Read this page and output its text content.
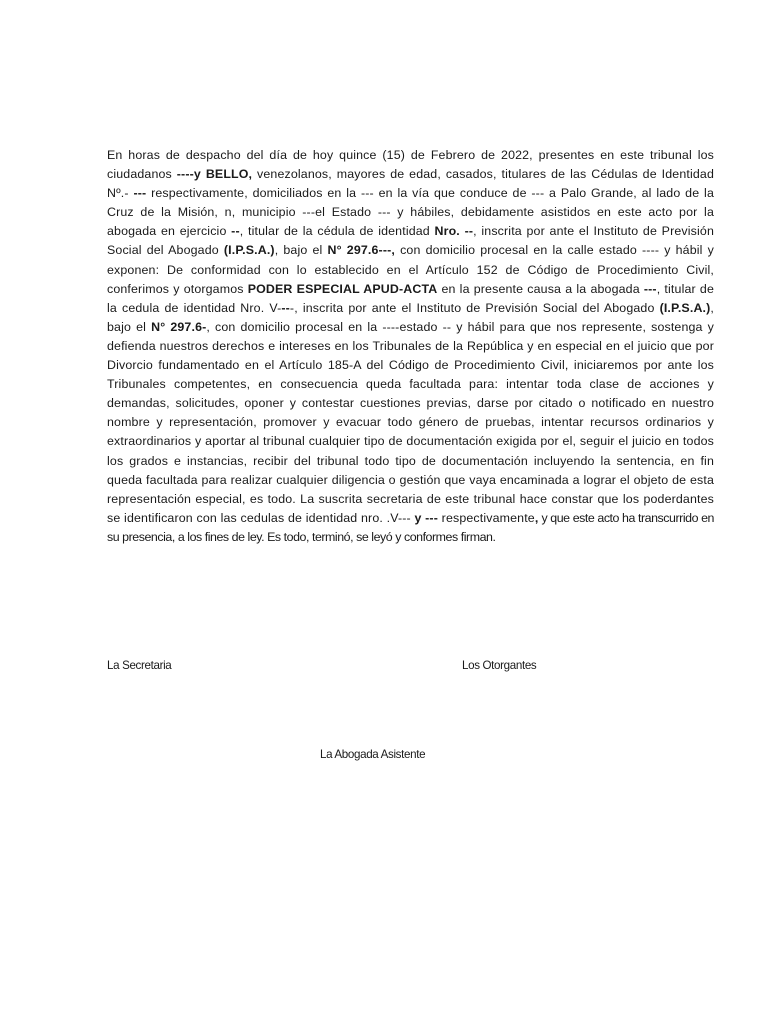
En horas de despacho del día de hoy quince (15) de Febrero de 2022, presentes en este tribunal los ciudadanos ----y BELLO, venezolanos, mayores de edad, casados, titulares de las Cédulas de Identidad Nº.- --- respectivamente, domiciliados en la --- en la vía que conduce de --- a Palo Grande, al lado de la Cruz de la Misión, n, municipio ---el Estado --- y hábiles, debidamente asistidos en este acto por la abogada en ejercicio --, titular de la cédula de identidad Nro. --, inscrita por ante el Instituto de Previsión Social del Abogado (I.P.S.A.), bajo el N° 297.6---, con domicilio procesal en la calle estado ---- y hábil y exponen: De conformidad con lo establecido en el Artículo 152 de Código de Procedimiento Civil, conferimos y otorgamos PODER ESPECIAL APUD-ACTA en la presente causa a la abogada ---, titular de la cedula de identidad Nro. V----, inscrita por ante el Instituto de Previsión Social del Abogado (I.P.S.A.), bajo el N° 297.6-, con domicilio procesal en la ----estado -- y hábil para que nos represente, sostenga y defienda nuestros derechos e intereses en los Tribunales de la República y en especial en el juicio que por Divorcio fundamentado en el Artículo 185-A del Código de Procedimiento Civil, iniciaremos por ante los Tribunales competentes, en consecuencia queda facultada para: intentar toda clase de acciones y demandas, solicitudes, oponer y contestar cuestiones previas, darse por citado o notificado en nuestro nombre y representación, promover y evacuar todo género de pruebas, intentar recursos ordinarios y extraordinarios y aportar al tribunal cualquier tipo de documentación exigida por el, seguir el juicio en todos los grados e instancias, recibir del tribunal todo tipo de documentación incluyendo la sentencia, en fin queda facultada para realizar cualquier diligencia o gestión que vaya encaminada a lograr el objeto de esta representación especial, es todo. La suscrita secretaria de este tribunal hace constar que los poderdantes se identificaron con las cedulas de identidad nro. .V--- y --- respectivamente, y que este acto ha transcurrido en su presencia, a los fines de ley. Es todo, terminó, se leyó y conformes firman.

La Secretaria	Los Otorgantes
La Abogada Asistente
